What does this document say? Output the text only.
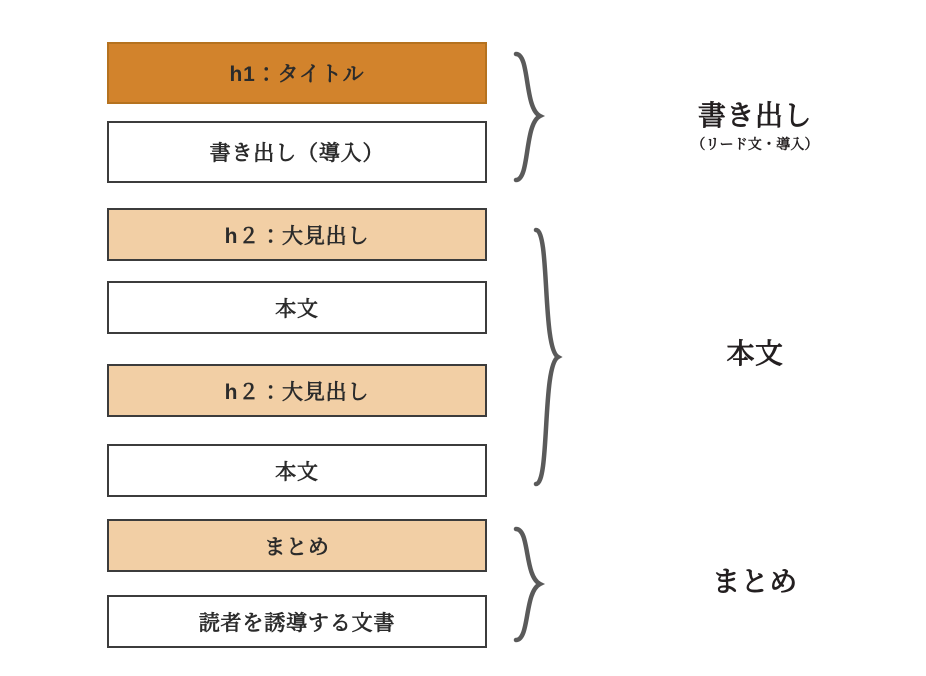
h1：タイトル
書き出し（導入）
h２：大見出し
本文
h２：大見出し
本文
まとめ
読者を誘導する文書
書き出し
（リード文・導入）
本文
まとめ
